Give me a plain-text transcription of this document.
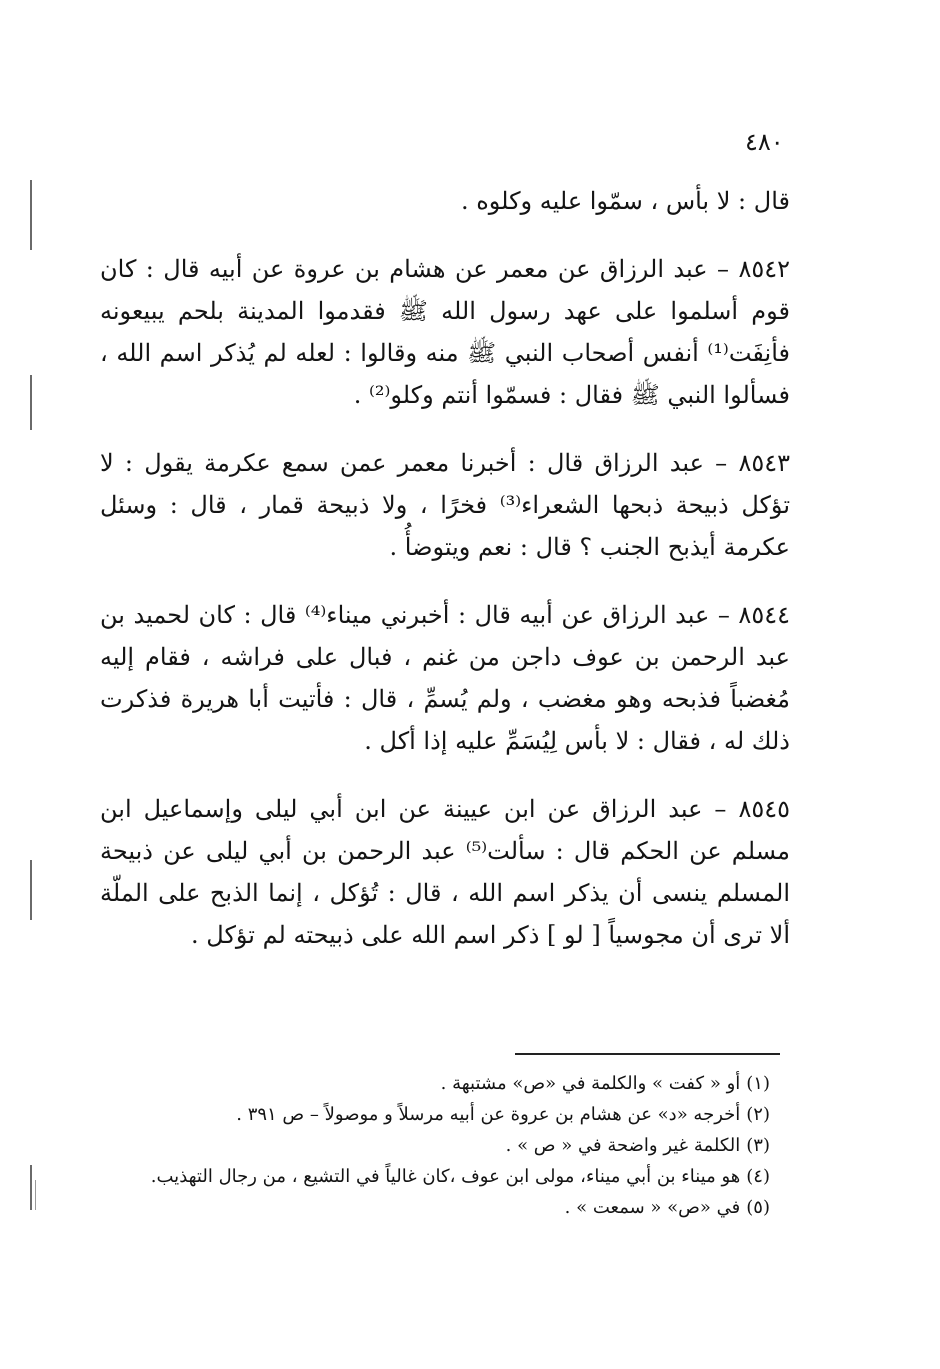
٤٨٠

قال : لا بأس ، سمّوا عليه وكلوه .

٨٥٤٢ – عبد الرزاق عن معمر عن هشام بن عروة عن أبيه قال : كان قوم أسلموا على عهد رسول الله ﷺ فقدموا المدينة بلحم يبيعونه فأنِفَت⁽¹⁾ أنفس أصحاب النبي ﷺ منه وقالوا : لعله لم يُذكر اسم الله ، فسألوا النبي ﷺ فقال : فسمّوا أنتم وكلو⁽²⁾ .

٨٥٤٣ – عبد الرزاق قال : أخبرنا معمر عمن سمع عكرمة يقول : لا تؤكل ذبيحة ذبحها الشعراء⁽³⁾ فخرًا ، ولا ذبيحة قمار ، قال : وسئل عكرمة أيذبح الجنب ؟ قال : نعم ويتوضأُ .

٨٥٤٤ – عبد الرزاق عن أبيه قال : أخبرني ميناء⁽⁴⁾ قال : كان لحميد بن عبد الرحمن بن عوف داجن من غنم ، فبال على فراشه ، فقام إليه مُغضباً فذبحه وهو مغضب ، ولم يُسمِّ ، قال : فأتيت أبا هريرة فذكرت ذلك له ، فقال : لا بأس لِيُسَمِّ عليه إذا أكل .

٨٥٤٥ – عبد الرزاق عن ابن عيينة عن ابن أبي ليلى وإسماعيل ابن مسلم عن الحكم قال : سألت⁽⁵⁾ عبد الرحمن بن أبي ليلى عن ذبيحة المسلم ينسى أن يذكر اسم الله ، قال : تُؤكل ، إنما الذبح على الملّة ألا ترى أن مجوسياً [ لو ] ذكر اسم الله على ذبيحته لم تؤكل .

(١)أو « كفت » والكلمة في «ص» مشتبهة .

(٢)أخرجه «د» عن هشام بن عروة عن أبيه مرسلاً و موصولاً – ص ٣٩١ .

(٣)الكلمة غير واضحة في « ص » .

(٤)هو ميناء بن أبي ميناء، مولى ابن عوف ،كان غالياً في التشيع ، من رجال التهذيب.

(٥)في «ص» « سمعت » .
